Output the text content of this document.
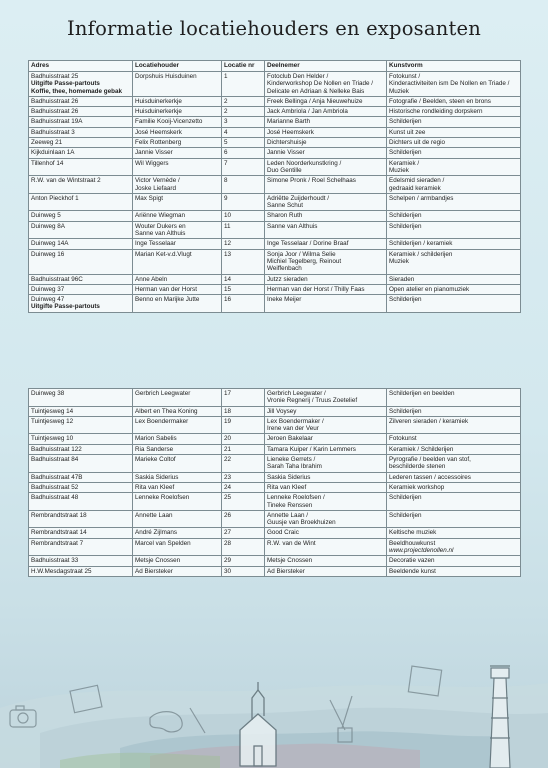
Informatie locatiehouders en exposanten
Adres	Locatiehouder	Locatie nr	Deelnemer	Kunstvorm
Badhuisstraat 25
Uitgifte Passe-partouts
Koffie, thee, homemade gebak	Dorpshuis Huisduinen	1	Fotoclub Den Helder /
Kinderworkshop De Nollen en Triade /
Delicate en Adriaan & Nelleke Bais	Fotokunst /
Kinderactiviteiten ism De Nollen en Triade /
Muziek

Badhuisstraat 26	Huisduinerkerkje	2	Freek Bellinga / Anja Nieuwehuize	Fotografie / Beelden, steen en brons

Badhuisstraat 26	Huisduinerkerkje	2	Jack Ambriola / Jan Ambriola	Historische rondleiding dorpskern

Badhuisstraat 19A	Familie Kooij-Vicenzetto	3	Marianne Barth	Schilderijen

Badhuisstraat 3	José Heemskerk	4	José Heemskerk	Kunst uit zee

Zeeweg 21	Felix Rottenberg	5	Dichtershuisje	Dichters uit de regio

Kijkduinlaan 1A	Jannie Visser	6	Jannie Visser	Schilderijen

Tillenhof 14	Wil Wiggers	7	Leden Noorderkunstkring /
Duo Gentille	Keramiek /
Muziek

R.W. van de Wintstraat 2	Victor Vernède /
Joske Liefaard	8	Simone Pronk / Roel Schelhaas	Edelsmid sieraden /
gedraaid keramiek

Anton Pieckhof 1	Max Spigt	9	Adriëtte Zuijderhoudt /
Sanne Schut	Schelpen / armbandjes

Duinweg 5	Ariënne Wiegman	10	Sharon Ruth	Schilderijen

Duinweg 8A	Wouter Dukers en
Sanne van Althuis	11	Sanne van Althuis	Schilderijen

Duinweg 14A	Inge Tesselaar	12	Inge Tesselaar / Dorine Braaf	Schilderijen / keramiek

Duinweg 16	Marian Ket-v.d.Vlugt	13	Sonja Joor / Wilma Selie
Michiel Tegelberg, Reinout
Weiffenbach	Keramiek / schilderijen
Muziek

Badhuisstraat 96C	Anne Abeln	14	Jutzz sieraden	Sieraden

Duinweg 37	Herman van der Horst	15	Herman van der Horst / Thilly Faas	Open atelier en pianomuziek

Duinweg 47
Uitgifte Passe-partouts	Benno en Marijke Jutte	16	Ineke Meijer	Schilderijen
Duinweg 38	Gerbrich Leegwater	17	Gerbrich Leegwater /
Vronie Regnerij / Truus Zoetelief	Schilderijen en beelden

Tuintjesweg 14	Albert en Thea Koning	18	Jill Voysey	Schilderijen

Tuintjesweg 12	Lex Boendermaker	19	Lex Boendermaker /
Irene van der Veur	Zilveren sieraden / keramiek

Tuintjesweg 10	Marion Sabelis	20	Jeroen Bakelaar	Fotokunst

Badhuisstraat 122	Ria Sanderse	21	Tamara Kuiper / Karin Lemmers	Keramiek / Schilderijen

Badhuisstraat 84	Marieke Coltof	22	Lieneke Gerrets /
Sarah Taha Ibrahim	Pyrografie / beelden van stof,
beschilderde stenen

Badhuisstraat 47B	Saskia Siderius	23	Saskia Siderius	Lederen tassen / accessoires

Badhuisstraat 52	Rita van Kleef	24	Rita van Kleef	Keramiek workshop

Badhuisstraat 48	Lenneke Roelofsen	25	Lenneke Roelofsen /
Tineke Renssen	Schilderijen

Rembrandtstraat 18	Annette Laan	26	Annette Laan /
Guusje van Broekhuizen	Schilderijen

Rembrandtstraat 14	André Zijlmans	27	Good Craic	Keltische muziek

Rembrandtstraat 7	Marcel van Spelden	28	R.W. van de Wint	Beeldhouwkunst
www.projectdenollen.nl

Badhuisstraat 33	Metsje Cnossen	29	Metsje Cnossen	Decoratie vazen

H.W.Mesdagstraat 25	Ad Biersteker	30	Ad Biersteker	Beeldende kunst
